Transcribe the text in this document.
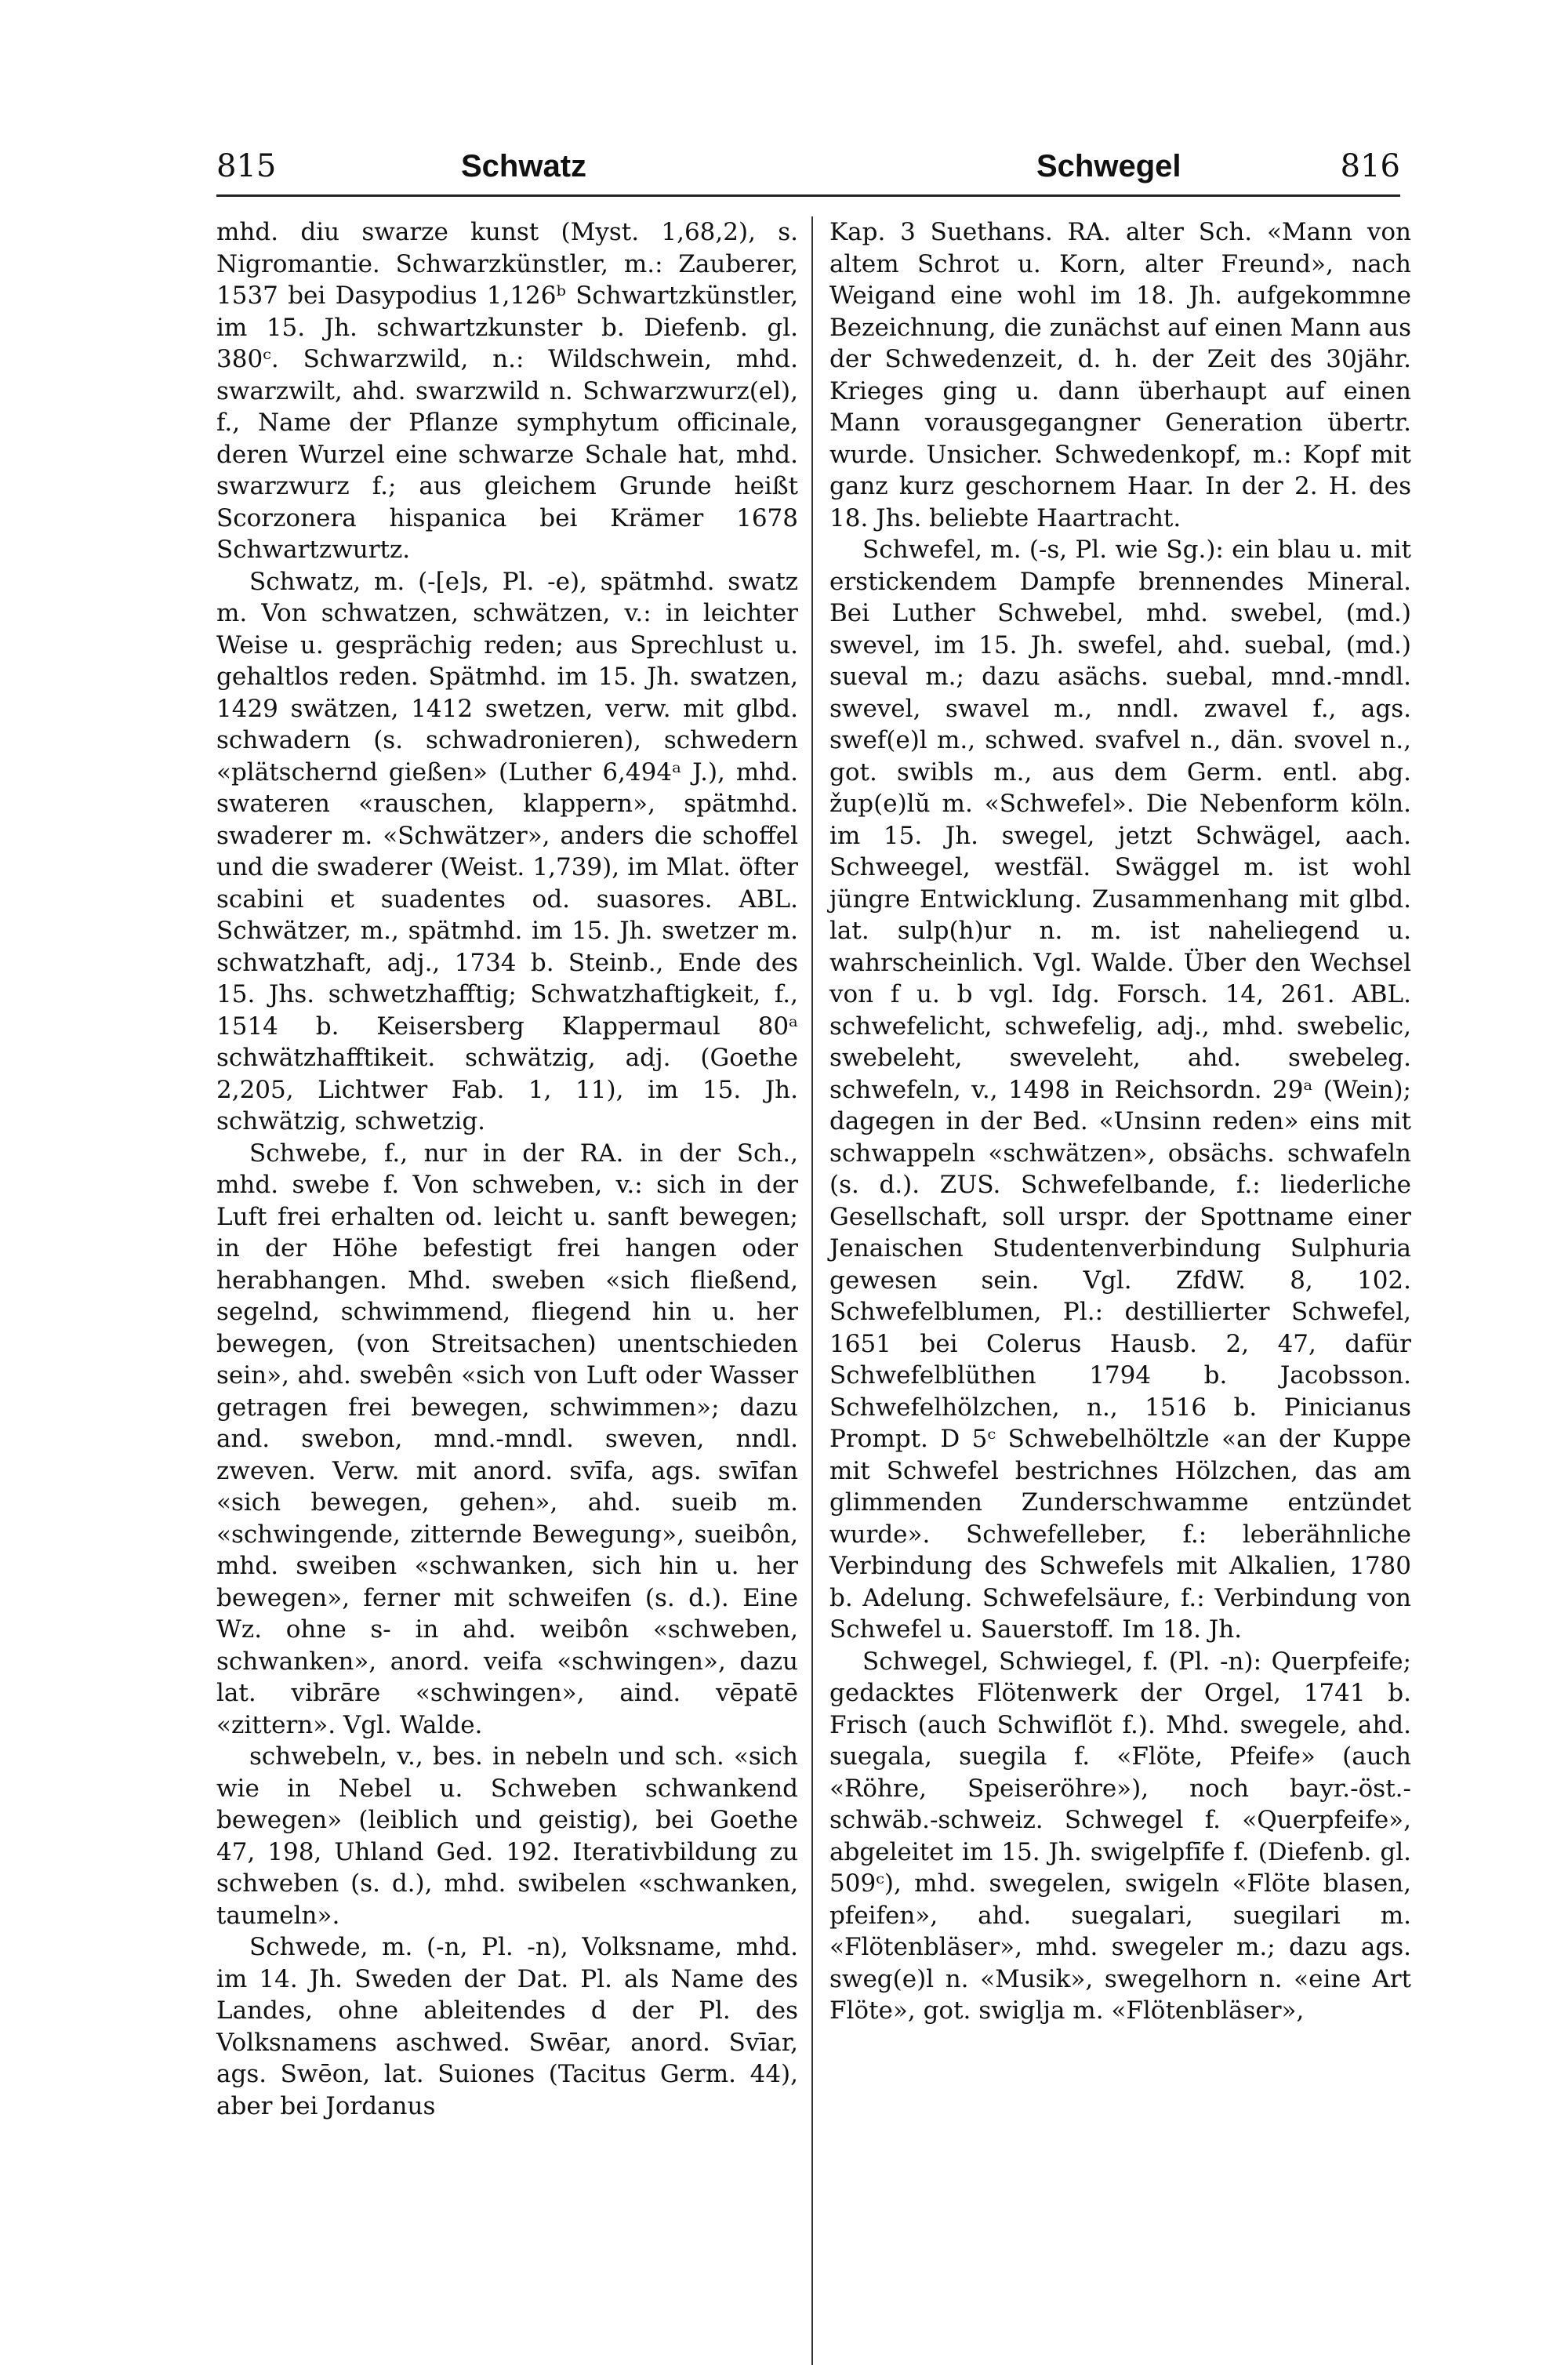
815	Schwatz	Schwegel	816

mhd. diu swarze kunst (Myst. 1,68,2), s. Nigromantie. Schwarzkünstler, m.: Zauberer, 1537 bei Dasypodius 1,126ᵇ Schwartzkünstler, im 15. Jh. schwartzkunster b. Diefenb. gl. 380ᶜ. Schwarzwild, n.: Wildschwein, mhd. swarzwilt, ahd. swarzwild n. Schwarzwurz(el), f., Name der Pflanze symphytum officinale, deren Wurzel eine schwarze Schale hat, mhd. swarzwurz f.; aus gleichem Grunde heißt Scorzonera hispanica bei Krämer 1678 Schwartzwurtz.

Schwatz, m. (-[e]s, Pl. -e), spätmhd. swatz m. Von schwatzen, schwätzen, v.: in leichter Weise u. gesprächig reden; aus Sprechlust u. gehaltlos reden. Spätmhd. im 15. Jh. swatzen, 1429 swätzen, 1412 swetzen, verw. mit glbd. schwadern (s. schwadronieren), schwedern «plätschernd gießen» (Luther 6,494ᵃ J.), mhd. swateren «rauschen, klappern», spätmhd. swaderer m. «Schwätzer», anders die schoffel und die swaderer (Weist. 1,739), im Mlat. öfter scabini et suadentes od. suasores. ABL. Schwätzer, m., spätmhd. im 15. Jh. swetzer m. schwatzhaft, adj., 1734 b. Steinb., Ende des 15. Jhs. schwetzhafftig; Schwatzhaftigkeit, f., 1514 b. Keisersberg Klappermaul 80ᵃ schwätzhafftikeit. schwätzig, adj. (Goethe 2,205, Lichtwer Fab. 1, 11), im 15. Jh. schwätzig, schwetzig.

Schwebe, f., nur in der RA. in der Sch., mhd. swebe f. Von schweben, v.: sich in der Luft frei erhalten od. leicht u. sanft bewegen; in der Höhe befestigt frei hangen oder herabhangen. Mhd. sweben «sich fließend, segelnd, schwimmend, fliegend hin u. her bewegen, (von Streitsachen) unentschieden sein», ahd. swebên «sich von Luft oder Wasser getragen frei bewegen, schwimmen»; dazu and. swebon, mnd.-mndl. sweven, nndl. zweven. Verw. mit anord. svīfa, ags. swīfan «sich bewegen, gehen», ahd. sueib m. «schwingende, zitternde Bewegung», sueibôn, mhd. sweiben «schwanken, sich hin u. her bewegen», ferner mit schweifen (s. d.). Eine Wz. ohne s- in ahd. weibôn «schweben, schwanken», anord. veifa «schwingen», dazu lat. vibrāre «schwingen», aind. vēpatē «zittern». Vgl. Walde.

schwebeln, v., bes. in nebeln und sch. «sich wie in Nebel u. Schweben schwankend bewegen» (leiblich und geistig), bei Goethe 47, 198, Uhland Ged. 192. Iterativbildung zu schweben (s. d.), mhd. swibelen «schwanken, taumeln».

Schwede, m. (-n, Pl. -n), Volksname, mhd. im 14. Jh. Sweden der Dat. Pl. als Name des Landes, ohne ableitendes d der Pl. des Volksnamens aschwed. Swēar, anord. Svīar, ags. Swēon, lat. Suiones (Tacitus Germ. 44), aber bei Jordanus

Kap. 3 Suethans. RA. alter Sch. «Mann von altem Schrot u. Korn, alter Freund», nach Weigand eine wohl im 18. Jh. aufgekommne Bezeichnung, die zunächst auf einen Mann aus der Schwedenzeit, d. h. der Zeit des 30jähr. Krieges ging u. dann überhaupt auf einen Mann vorausgegangner Generation übertr. wurde. Unsicher. Schwedenkopf, m.: Kopf mit ganz kurz geschornem Haar. In der 2. H. des 18. Jhs. beliebte Haartracht.

Schwefel, m. (-s, Pl. wie Sg.): ein blau u. mit erstickendem Dampfe brennendes Mineral. Bei Luther Schwebel, mhd. swebel, (md.) swevel, im 15. Jh. swefel, ahd. suebal, (md.) sueval m.; dazu asächs. suebal, mnd.-mndl. swevel, swavel m., nndl. zwavel f., ags. swef(e)l m., schwed. svafvel n., dän. svovel n., got. swibls m., aus dem Germ. entl. abg. žup(e)lŭ m. «Schwefel». Die Nebenform köln. im 15. Jh. swegel, jetzt Schwägel, aach. Schweegel, westfäl. Swäggel m. ist wohl jüngre Entwicklung. Zusammenhang mit glbd. lat. sulp(h)ur n. m. ist naheliegend u. wahrscheinlich. Vgl. Walde. Über den Wechsel von f u. b vgl. Idg. Forsch. 14, 261. ABL. schwefelicht, schwefelig, adj., mhd. swebelic, swebeleht, sweveleht, ahd. swebeleg. schwefeln, v., 1498 in Reichsordn. 29ᵃ (Wein); dagegen in der Bed. «Unsinn reden» eins mit schwappeln «schwätzen», obsächs. schwafeln (s. d.). ZUS. Schwefelbande, f.: liederliche Gesellschaft, soll urspr. der Spottname einer Jenaischen Studentenverbindung Sulphuria gewesen sein. Vgl. ZfdW. 8, 102. Schwefelblumen, Pl.: destillierter Schwefel, 1651 bei Colerus Hausb. 2, 47, dafür Schwefelblüthen 1794 b. Jacobsson. Schwefelhölzchen, n., 1516 b. Pinicianus Prompt. D 5ᶜ Schwebelhöltzle «an der Kuppe mit Schwefel bestrichnes Hölzchen, das am glimmenden Zunderschwamme entzündet wurde». Schwefelleber, f.: leberähnliche Verbindung des Schwefels mit Alkalien, 1780 b. Adelung. Schwefelsäure, f.: Verbindung von Schwefel u. Sauerstoff. Im 18. Jh.

Schwegel, Schwiegel, f. (Pl. -n): Querpfeife; gedacktes Flötenwerk der Orgel, 1741 b. Frisch (auch Schwiflöt f.). Mhd. swegele, ahd. suegala, suegila f. «Flöte, Pfeife» (auch «Röhre, Speiseröhre»), noch bayr.-öst.-schwäb.-schweiz. Schwegel f. «Querpfeife», abgeleitet im 15. Jh. swigelpfīfe f. (Diefenb. gl. 509ᶜ), mhd. swegelen, swigeln «Flöte blasen, pfeifen», ahd. suegalari, suegilari m. «Flötenbläser», mhd. swegeler m.; dazu ags. sweg(e)l n. «Musik», swegelhorn n. «eine Art Flöte», got. swiglja m. «Flötenbläser»,
